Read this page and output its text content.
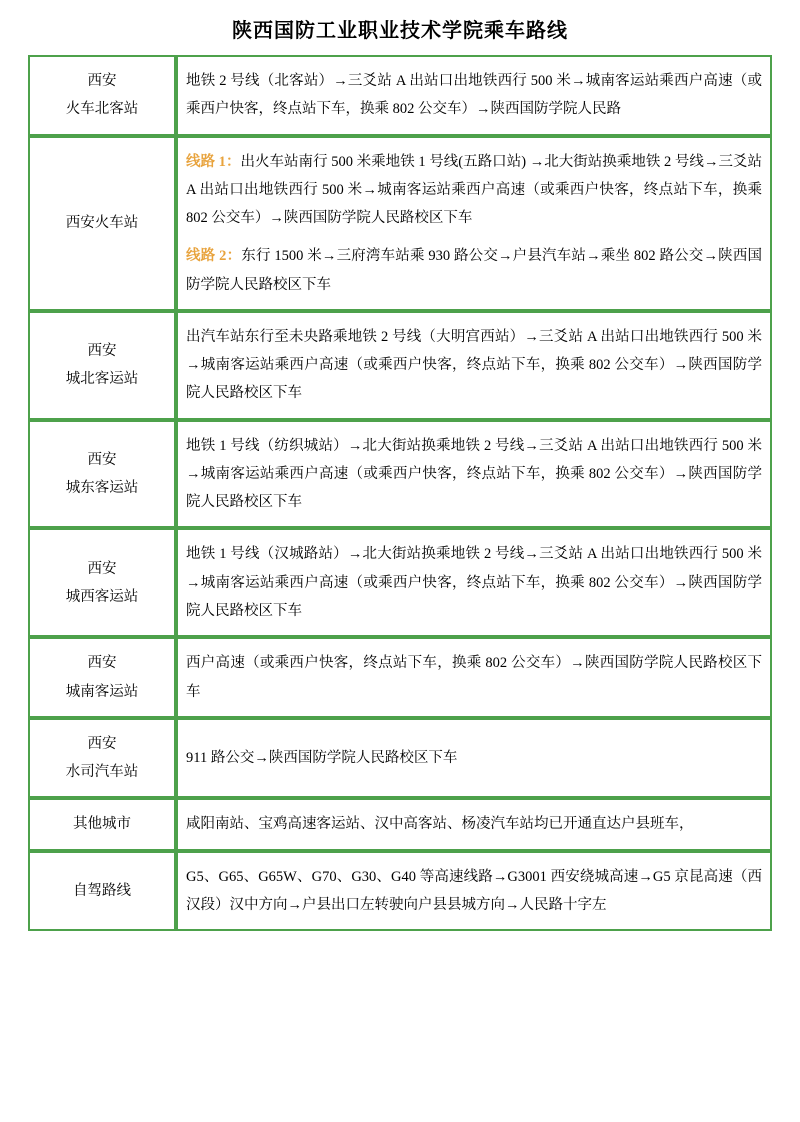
陕西国防工业职业技术学院乘车路线
西安
火车北客站	地铁 2 号线（北客站）→三爻站 A 出站口出地铁西行 500 米→城南客运站乘西户高速（或乘西户快客，终点站下车，换乘 802 公交车）→陕西国防学院人民路

西安火车站	线路 1：出火车站南行 500 米乘地铁 1 号线(五路口站) →北大街站换乘地铁 2 号线→三爻站 A 出站口出地铁西行 500 米→城南客运站乘西户高速（或乘西户快客，终点站下车，换乘 802 公交车）→陕西国防学院人民路校区下车
线路 2：东行 1500 米→三府湾车站乘 930 路公交→户县汽车站→乘坐 802 路公交→陕西国防学院人民路校区下车

西安
城北客运站	出汽车站东行至未央路乘地铁 2 号线（大明宫西站）→三爻站 A 出站口出地铁西行 500 米→城南客运站乘西户高速（或乘西户快客，终点站下车，换乘 802 公交车）→陕西国防学院人民路校区下车

西安
城东客运站	地铁 1 号线（纺织城站）→北大街站换乘地铁 2 号线→三爻站 A 出站口出地铁西行 500 米→城南客运站乘西户高速（或乘西户快客，终点站下车，换乘 802 公交车）→陕西国防学院人民路校区下车

西安
城西客运站	地铁 1 号线（汉城路站）→北大街站换乘地铁 2 号线→三爻站 A 出站口出地铁西行 500 米→城南客运站乘西户高速（或乘西户快客，终点站下车，换乘 802 公交车）→陕西国防学院人民路校区下车

西安
城南客运站	西户高速（或乘西户快客，终点站下车，换乘 802 公交车）→陕西国防学院人民路校区下车

西安
水司汽车站	911 路公交→陕西国防学院人民路校区下车

其他城市	咸阳南站、宝鸡高速客运站、汉中高客站、杨凌汽车站均已开通直达户县班车，

自驾路线	G5、G65、G65W、G70、G30、G40 等高速线路→G3001 西安绕城高速→G5 京昆高速（西汉段）汉中方向→户县出口左转驶向户县县城方向→人民路十字左
